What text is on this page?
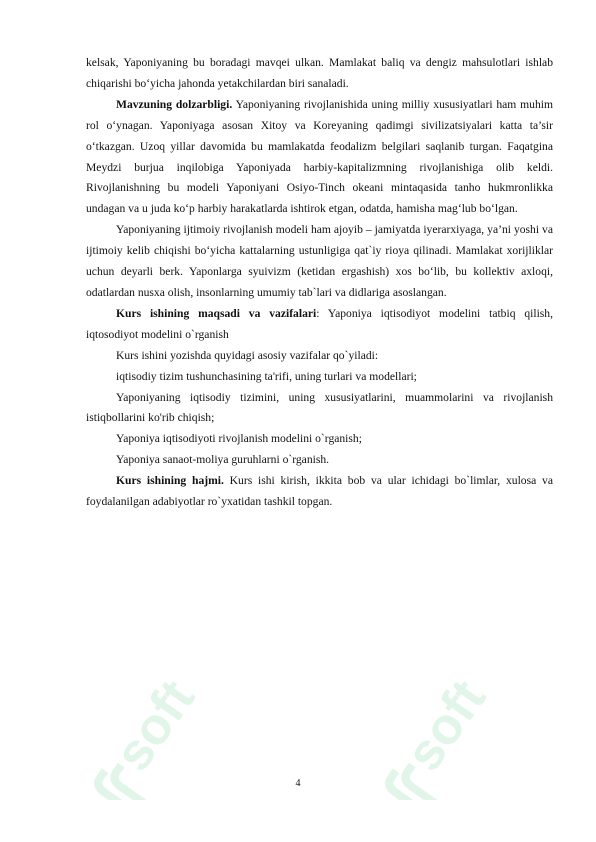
soft	soft

kelsak, Yaponiyaning bu boradagi mavqei ulkan. Mamlakat baliq va dengiz mahsulotlari ishlab chiqarishi bo‘yicha jahonda yetakchilardan biri sanaladi.

Mavzuning dolzarbligi. Yaponiyaning rivojlanishida uning milliy xususiyatlari ham muhim rol o‘ynagan. Yaponiyaga asosan Xitoy va Koreyaning qadimgi sivilizatsiyalari katta ta’sir o‘tkazgan. Uzoq yillar davomida bu mamlakatda feodalizm belgilari saqlanib turgan. Faqatgina Meydzi burjua inqilobiga Yaponiyada harbiy-kapitalizmning rivojlanishiga olib keldi. Rivojlanishning bu modeli Yaponiyani Osiyo-Tinch okeani mintaqasida tanho hukmronlikka undagan va u juda ko‘p harbiy harakatlarda ishtirok etgan, odatda, hamisha mag‘lub bo‘lgan.

Yaponiyaning ijtimoiy rivojlanish modeli ham ajoyib – jamiyatda iyerarxiyaga, ya’ni yoshi va ijtimoiy kelib chiqishi bo‘yicha kattalarning ustunligiga qat`iy rioya qilinadi. Mamlakat xorijliklar uchun deyarli berk. Yaponlarga syuivizm (ketidan ergashish) xos bo‘lib, bu kollektiv axloqi, odatlardan nusxa olish, insonlarning umumiy tab`lari va didlariga asoslangan.

Kurs ishining maqsadi va vazifalari: Yaponiya iqtisodiyot modelini tatbiq qilish, iqtosodiyot modelini o`rganish

Kurs ishini yozishda quyidagi asosiy vazifalar qo`yiladi:

iqtisodiy tizim tushunchasining ta'rifi, uning turlari va modellari;

Yaponiyaning iqtisodiy tizimini, uning xususiyatlarini, muammolarini va rivojlanish istiqbollarini ko'rib chiqish;

Yaponiya iqtisodiyoti rivojlanish modelini o`rganish;

Yaponiya sanaot-moliya guruhlarni o`rganish.

Kurs ishining hajmi. Kurs ishi kirish, ikkita bob va ular ichidagi bo`limlar, xulosa va foydalanilgan adabiyotlar ro`yxatidan tashkil topgan.

4
